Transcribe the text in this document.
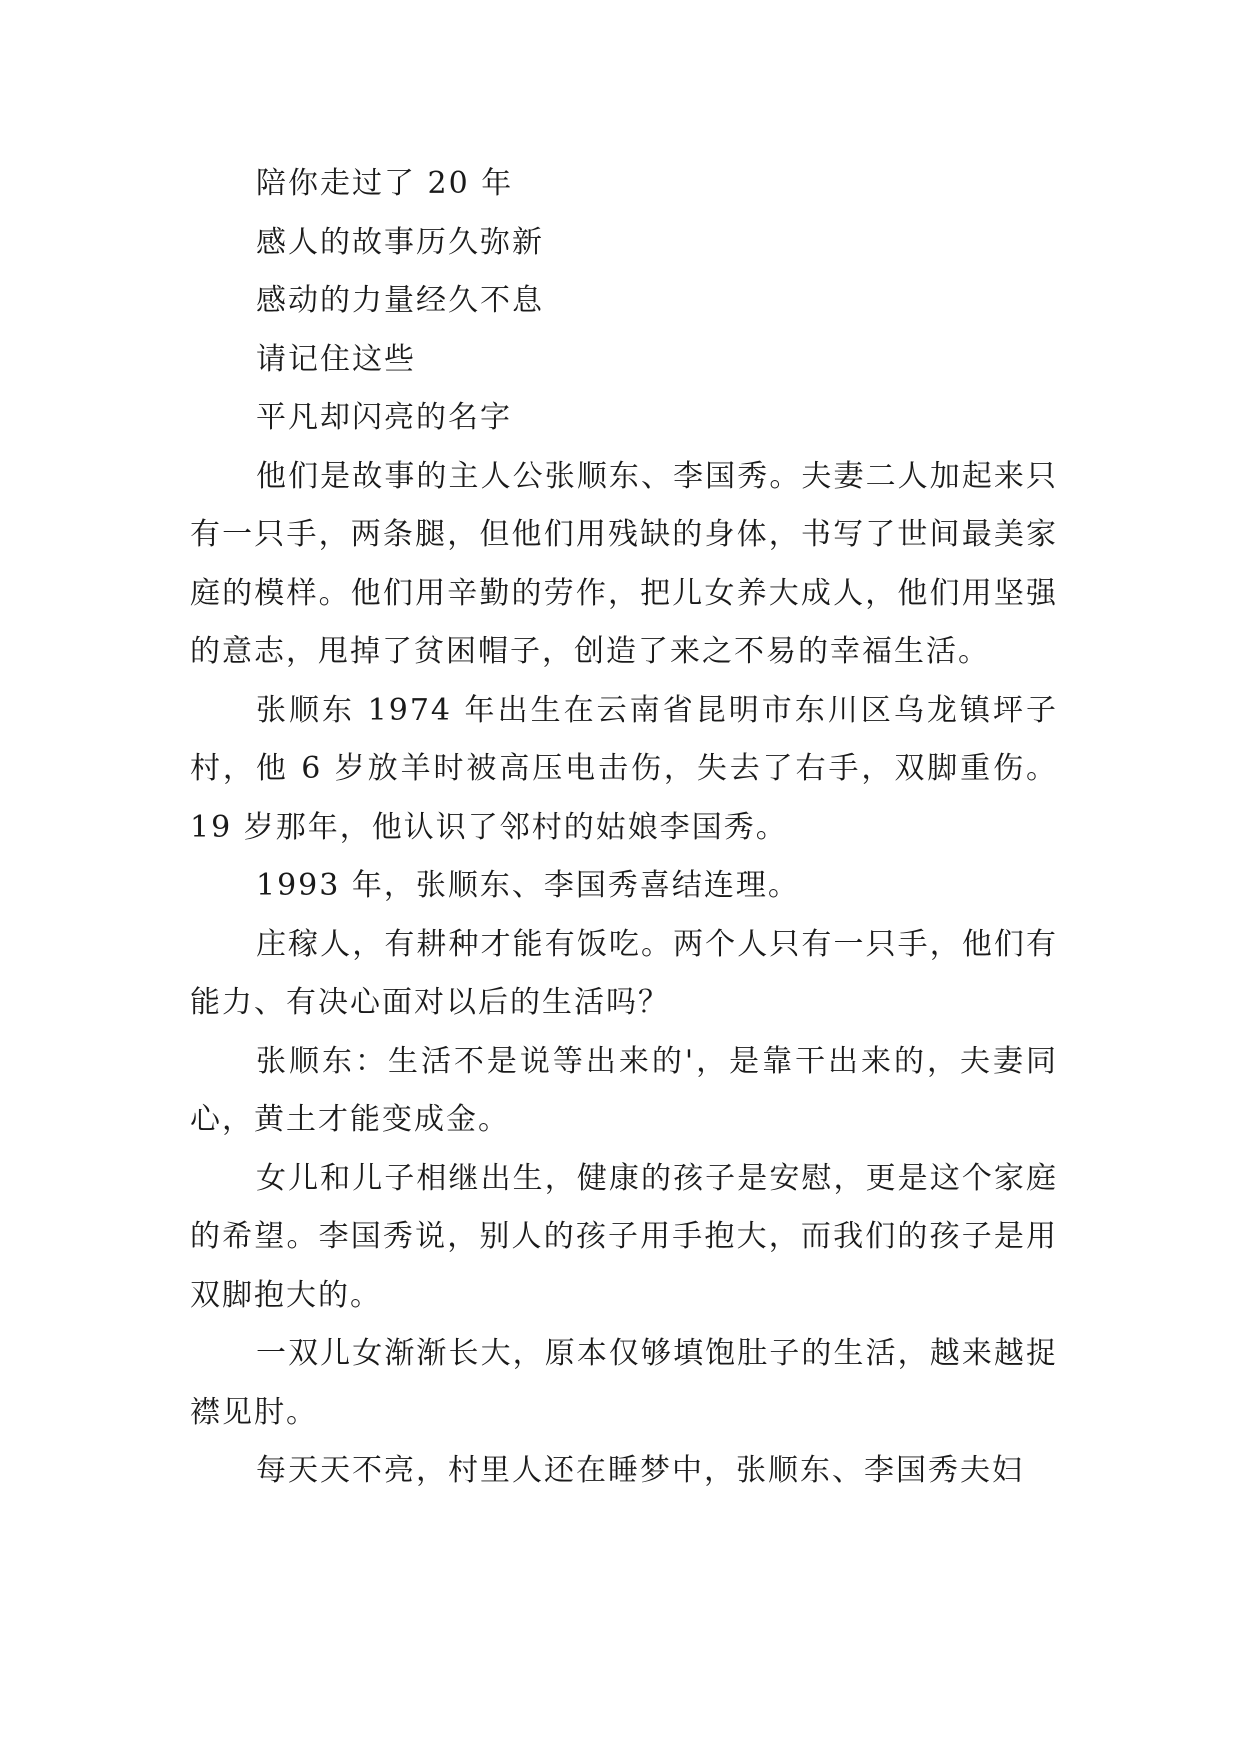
陪你走过了 20 年

感人的故事历久弥新

感动的力量经久不息

请记住这些

平凡却闪亮的名字

他们是故事的主人公张顺东、李国秀。夫妻二人加起来只有一只手，两条腿，但他们用残缺的身体，书写了世间最美家庭的模样。他们用辛勤的劳作，把儿女养大成人，他们用坚强的意志，甩掉了贫困帽子，创造了来之不易的幸福生活。

张顺东 1974 年出生在云南省昆明市东川区乌龙镇坪子村，他 6 岁放羊时被高压电击伤，失去了右手，双脚重伤。19 岁那年，他认识了邻村的姑娘李国秀。

1993 年，张顺东、李国秀喜结连理。

庄稼人，有耕种才能有饭吃。两个人只有一只手，他们有能力、有决心面对以后的生活吗？

张顺东：生活不是说等出来的'，是靠干出来的，夫妻同心，黄土才能变成金。

女儿和儿子相继出生，健康的孩子是安慰，更是这个家庭的希望。李国秀说，别人的孩子用手抱大，而我们的孩子是用双脚抱大的。

一双儿女渐渐长大，原本仅够填饱肚子的生活，越来越捉襟见肘。

每天天不亮，村里人还在睡梦中，张顺东、李国秀夫妇
